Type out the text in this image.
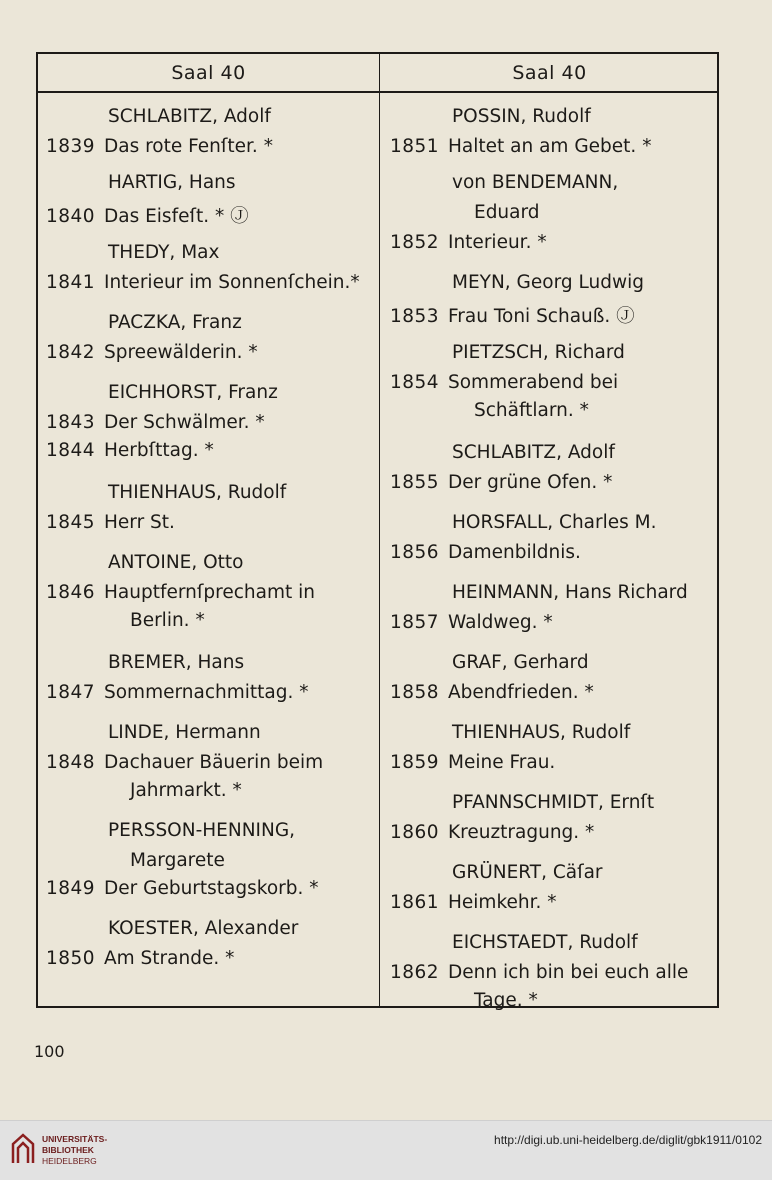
Saal 40	Saal 40
SCHLABITZ, Adolf
1839 Das rote Fenſter. *
HARTIG, Hans
1840 Das Eisfeſt. * Ⓙ
THEDY, Max
1841 Interieur im Sonnenſchein.*
PACZKA, Franz
1842 Spreewälderin. *
EICHHORST, Franz
1843 Der Schwälmer. *
1844 Herbſttag. *
THIENHAUS, Rudolf
1845 Herr St.
ANTOINE, Otto
1846 Hauptfernſprechamt in
Berlin. *
BREMER, Hans
1847 Sommernachmittag. *
LINDE, Hermann
1848 Dachauer Bäuerin beim
Jahrmarkt. *
PERSSON-HENNING,
Margarete
1849 Der Geburtstagskorb. *
KOESTER, Alexander
1850 Am Strande. *
POSSIN, Rudolf
1851 Haltet an am Gebet. *
von BENDEMANN,
Eduard
1852 Interieur. *
MEYN, Georg Ludwig
1853 Frau Toni Schauß. Ⓙ
PIETZSCH, Richard
1854 Sommerabend bei
Schäftlarn. *
SCHLABITZ, Adolf
1855 Der grüne Ofen. *
HORSFALL, Charles M.
1856 Damenbildnis.
HEINMANN, Hans Richard
1857 Waldweg. *
GRAF, Gerhard
1858 Abendfrieden. *
THIENHAUS, Rudolf
1859 Meine Frau.
PFANNSCHMIDT, Ernſt
1860 Kreuztragung. *
GRÜNERT, Cäſar
1861 Heimkehr. *
EICHSTAEDT, Rudolf
1862 Denn ich bin bei euch alle
Tage. *
100
UNIVERSITÄTS-
BIBLIOTHEK
HEIDELBERG
http://digi.ub.uni-heidelberg.de/diglit/gbk1911/0102
